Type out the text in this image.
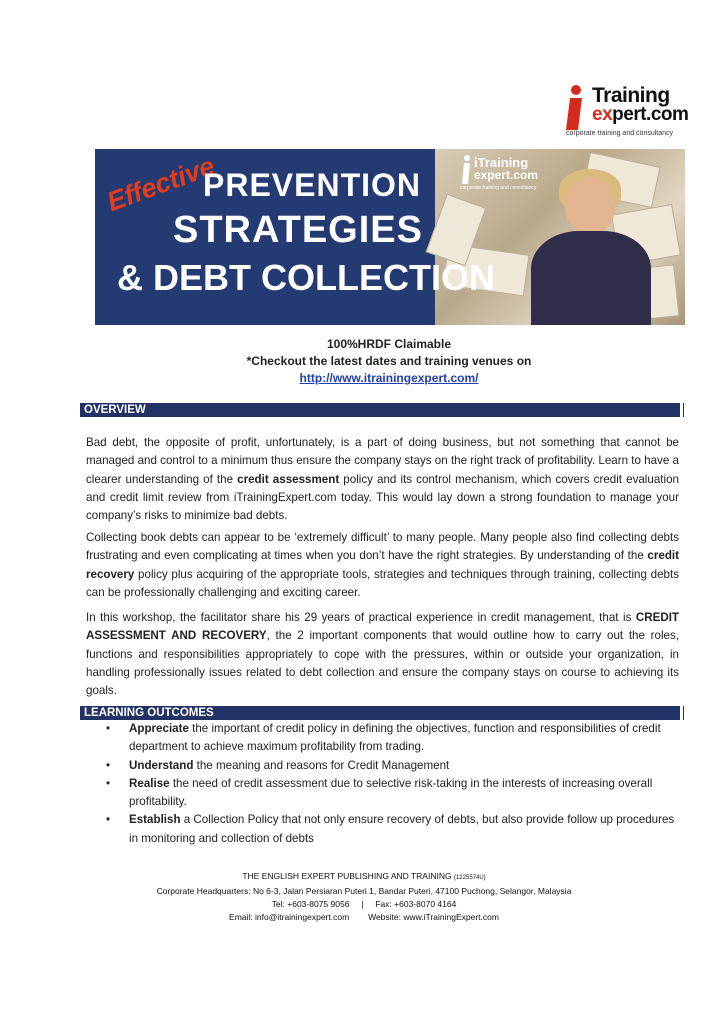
Training
expert.com
corporate training and consultancy
iTraining
expert.com
corporate training and consultancy
Effective
PREVENTION
STRATEGIES
& DEBT COLLECTION
100%HRDF Claimable
*Checkout the latest dates and training venues on
http://www.itrainingexpert.com/
OVERVIEW

Bad debt, the opposite of profit, unfortunately, is a part of doing business, but not something that cannot be managed and control to a minimum thus ensure the company stays on the right track of profitability. Learn to have a clearer understanding of the credit assessment policy and its control mechanism, which covers credit evaluation and credit limit review from iTrainingExpert.com today. This would lay down a strong foundation to manage your company’s risks to minimize bad debts.

Collecting book debts can appear to be ‘extremely difficult’ to many people. Many people also find collecting debts frustrating and even complicating at times when you don’t have the right strategies. By understanding of the credit recovery policy plus acquiring of the appropriate tools, strategies and techniques through training, collecting debts can be professionally challenging and exciting career.

In this workshop, the facilitator share his 29 years of practical experience in credit management, that is CREDIT ASSESSMENT AND RECOVERY, the 2 important components that would outline how to carry out the roles, functions and responsibilities appropriately to cope with the pressures, within or outside your organization, in handling professionally issues related to debt collection and ensure the company stays on course to achieving its goals.

LEARNING OUTCOMES
• Appreciate the important of credit policy in defining the objectives, function and responsibilities of credit department to achieve maximum profitability from trading.
• Understand the meaning and reasons for Credit Management
• Realise the need of credit assessment due to selective risk-taking in the interests of increasing overall profitability.
• Establish a Collection Policy that not only ensure recovery of debts, but also provide follow up procedures in monitoring and collection of debts
THE ENGLISH EXPERT PUBLISHING AND TRAINING (1225574U)
Corporate Headquarters: No 6-3, Jalan Persiaran Puteri 1, Bandar Puteri, 47100 Puchong, Selangor, Malaysia
Tel: +603-8075 9056 | Fax: +603-8070 4164
Email: info@itrainingexpert.com Website: www.iTrainingExpert.com
